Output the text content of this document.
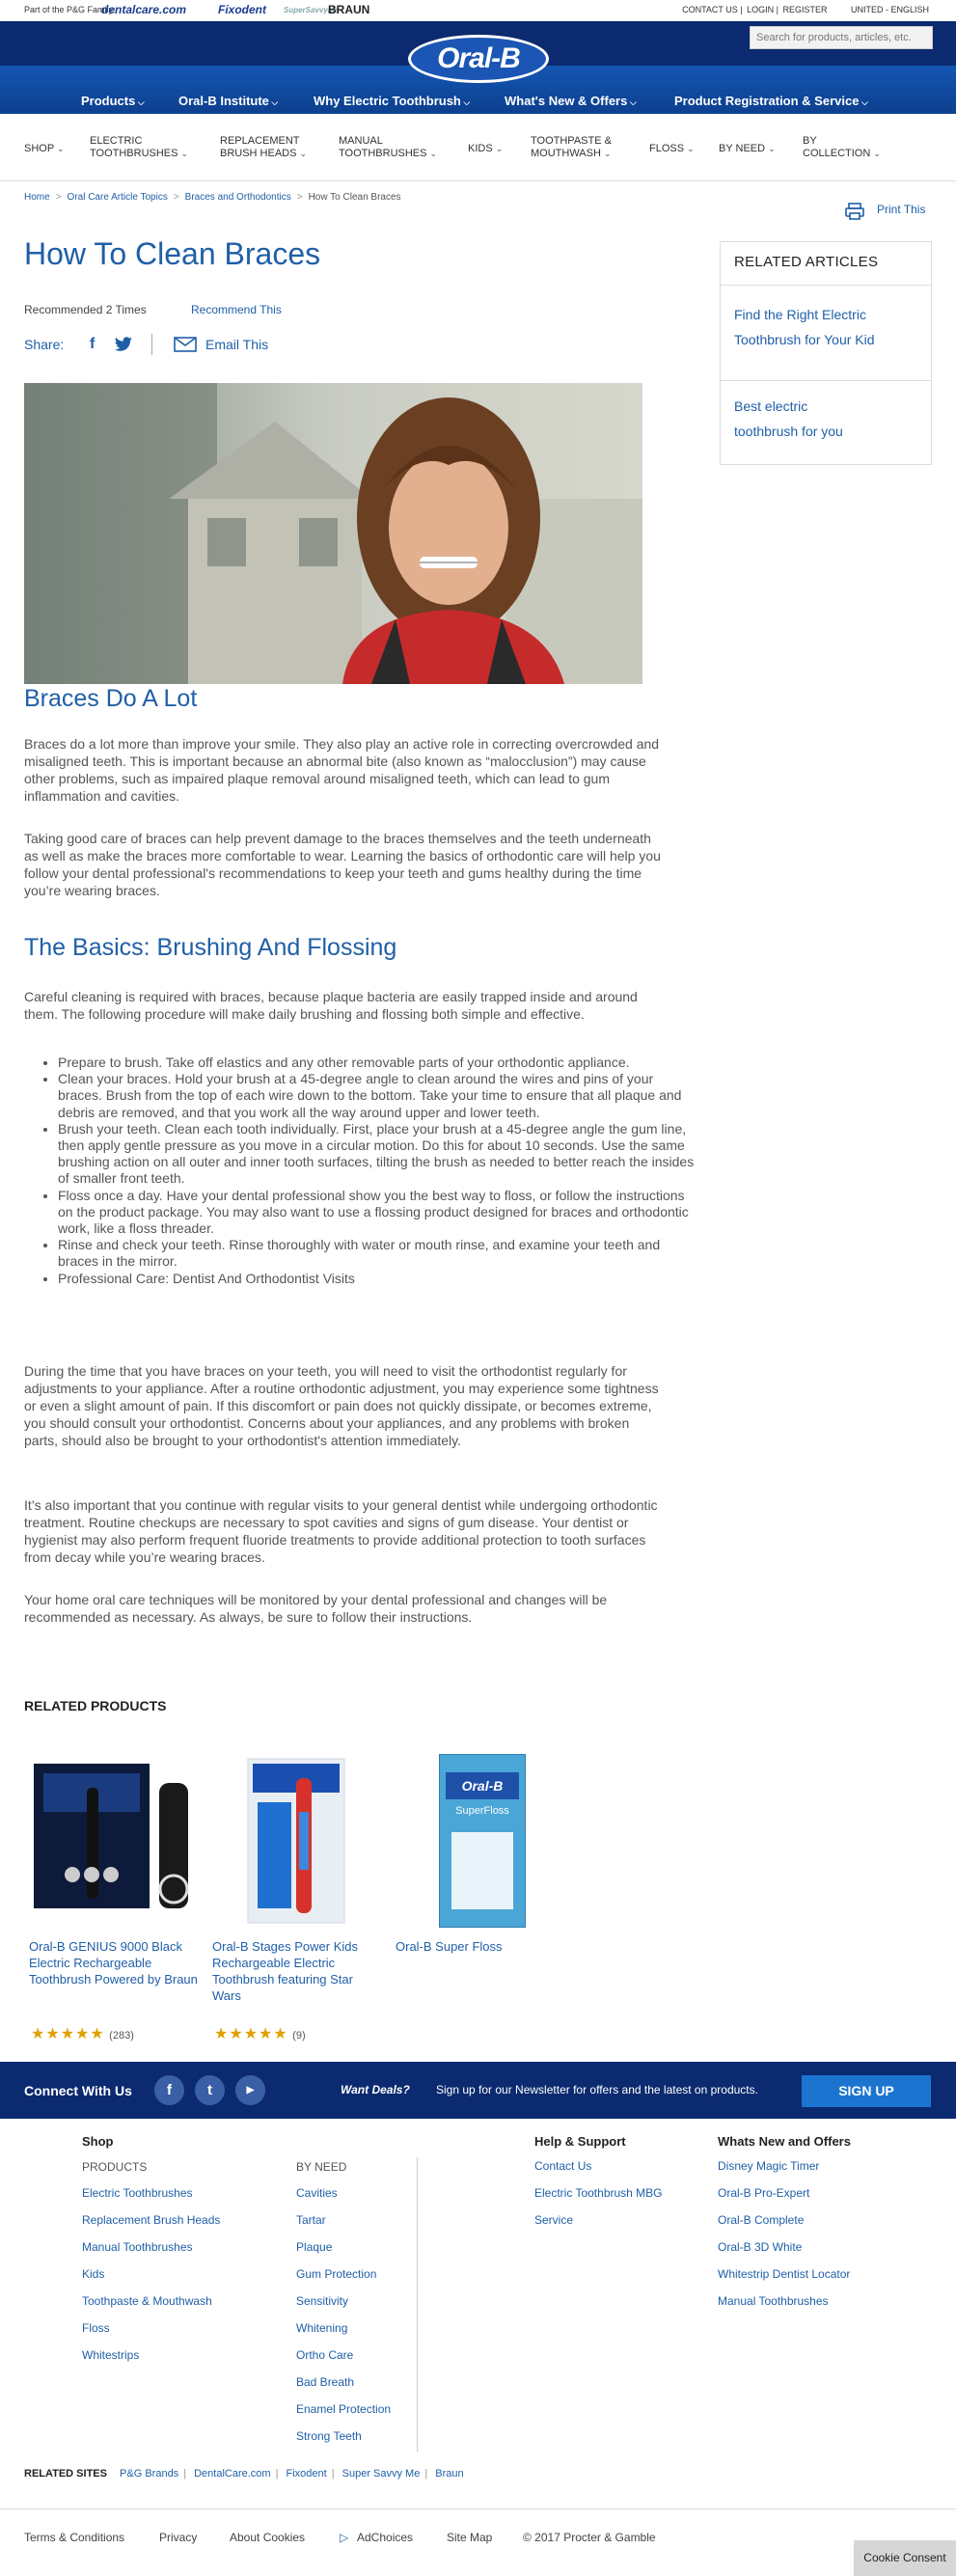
Part of the P&G Family:
dentalcare.com	Fixodent SuperSavvyMe
BRAUN	CONTACT US | LOGIN | REGISTER	UNITED - ENGLISH
Search for products, articles, etc.
Products ⌵	Oral-B Institute ⌵	Why Electric Toothbrush ⌵	What's New & Offers ⌵	Product Registration & Service ⌵
Oral-B
SHOP ⌄
ELECTRIC
TOOTHBRUSHES ⌄
REPLACEMENT
BRUSH HEADS ⌄
MANUAL
TOOTHBRUSHES ⌄	KIDS ⌄
TOOTHPASTE &
MOUTHWASH ⌄	FLOSS ⌄ BY NEED ⌄
BY
COLLECTION ⌄
Home > Oral Care Article Topics > Braces and Orthodontics > How To Clean Braces
Print This
How To Clean Braces
Recommended 2 Times	Recommend This
Share: f	Email This
RELATED ARTICLES
Find the Right Electric Toothbrush for Your Kid
Best electric toothbrush for you
Braces Do A Lot

Braces do a lot more than improve your smile. They also play an active role in correcting overcrowded and misaligned teeth. This is important because an abnormal bite (also known as “malocclusion”) may cause other problems, such as impaired plaque removal around misaligned teeth, which can lead to gum inflammation and cavities.

Taking good care of braces can help prevent damage to the braces themselves and the teeth underneath as well as make the braces more comfortable to wear. Learning the basics of orthodontic care will help you follow your dental professional's recommendations to keep your teeth and gums healthy during the time you’re wearing braces.

The Basics: Brushing And Flossing

Careful cleaning is required with braces, because plaque bacteria are easily trapped inside and around them. The following procedure will make daily brushing and flossing both simple and effective.

• Prepare to brush. Take off elastics and any other removable parts of your orthodontic appliance.
• Clean your braces. Hold your brush at a 45-degree angle to clean around the wires and pins of your braces. Brush from the top of each wire down to the bottom. Take your time to ensure that all plaque and debris are removed, and that you work all the way around upper and lower teeth.
• Brush your teeth. Clean each tooth individually. First, place your brush at a 45-degree angle the gum line, then apply gentle pressure as you move in a circular motion. Do this for about 10 seconds. Use the same brushing action on all outer and inner tooth surfaces, tilting the brush as needed to better reach the insides of smaller front teeth.
• Floss once a day. Have your dental professional show you the best way to floss, or follow the instructions on the product package. You may also want to use a flossing product designed for braces and orthodontic work, like a floss threader.
• Rinse and check your teeth. Rinse thoroughly with water or mouth rinse, and examine your teeth and braces in the mirror.
• Professional Care: Dentist And Orthodontist Visits

During the time that you have braces on your teeth, you will need to visit the orthodontist regularly for adjustments to your appliance. After a routine orthodontic adjustment, you may experience some tightness or even a slight amount of pain. If this discomfort or pain does not quickly dissipate, or becomes extreme, you should consult your orthodontist. Concerns about your appliances, and any problems with broken parts, should also be brought to your orthodontist's attention immediately.

It’s also important that you continue with regular visits to your general dentist while undergoing orthodontic treatment. Routine checkups are necessary to spot cavities and signs of gum disease. Your dentist or hygienist may also perform frequent fluoride treatments to provide additional protection to tooth surfaces from decay while you’re wearing braces.

Your home oral care techniques will be monitored by your dental professional and changes will be recommended as necessary. As always, be sure to follow their instructions.

RELATED PRODUCTS
Oral-B
SuperFloss
Oral-B GENIUS 9000 Black Electric Rechargeable Toothbrush Powered by Braun
Oral-B Stages Power Kids Rechargeable Electric Toothbrush featuring Star Wars
Oral-B Super Floss
★★★★★ (283)	★★★★★ (9)
Connect With Us	f	t	▶	Want Deals? Sign up for our Newsletter for offers and the latest on products.	SIGN UP
Shop
PRODUCTS
Electric Toothbrushes
Replacement Brush Heads
Manual Toothbrushes
Kids
Toothpaste & Mouthwash
Floss
Whitestrips
BY NEED
Cavities
Tartar
Plaque
Gum Protection
Sensitivity
Whitening
Ortho Care
Bad Breath
Enamel Protection
Strong Teeth
Help & Support
Contact Us
Electric Toothbrush MBG
Service
Whats New and Offers
Disney Magic Timer
Oral-B Pro-Expert
Oral-B Complete
Oral-B 3D White
Whitestrip Dentist Locator
Manual Toothbrushes
RELATED SITES P&G Brands | DentalCare.com | Fixodent | Super Savvy Me | Braun
Terms & Conditions	Privacy	About Cookies	▷ AdChoices	Site Map	© 2017 Procter & Gamble
Cookie Consent
